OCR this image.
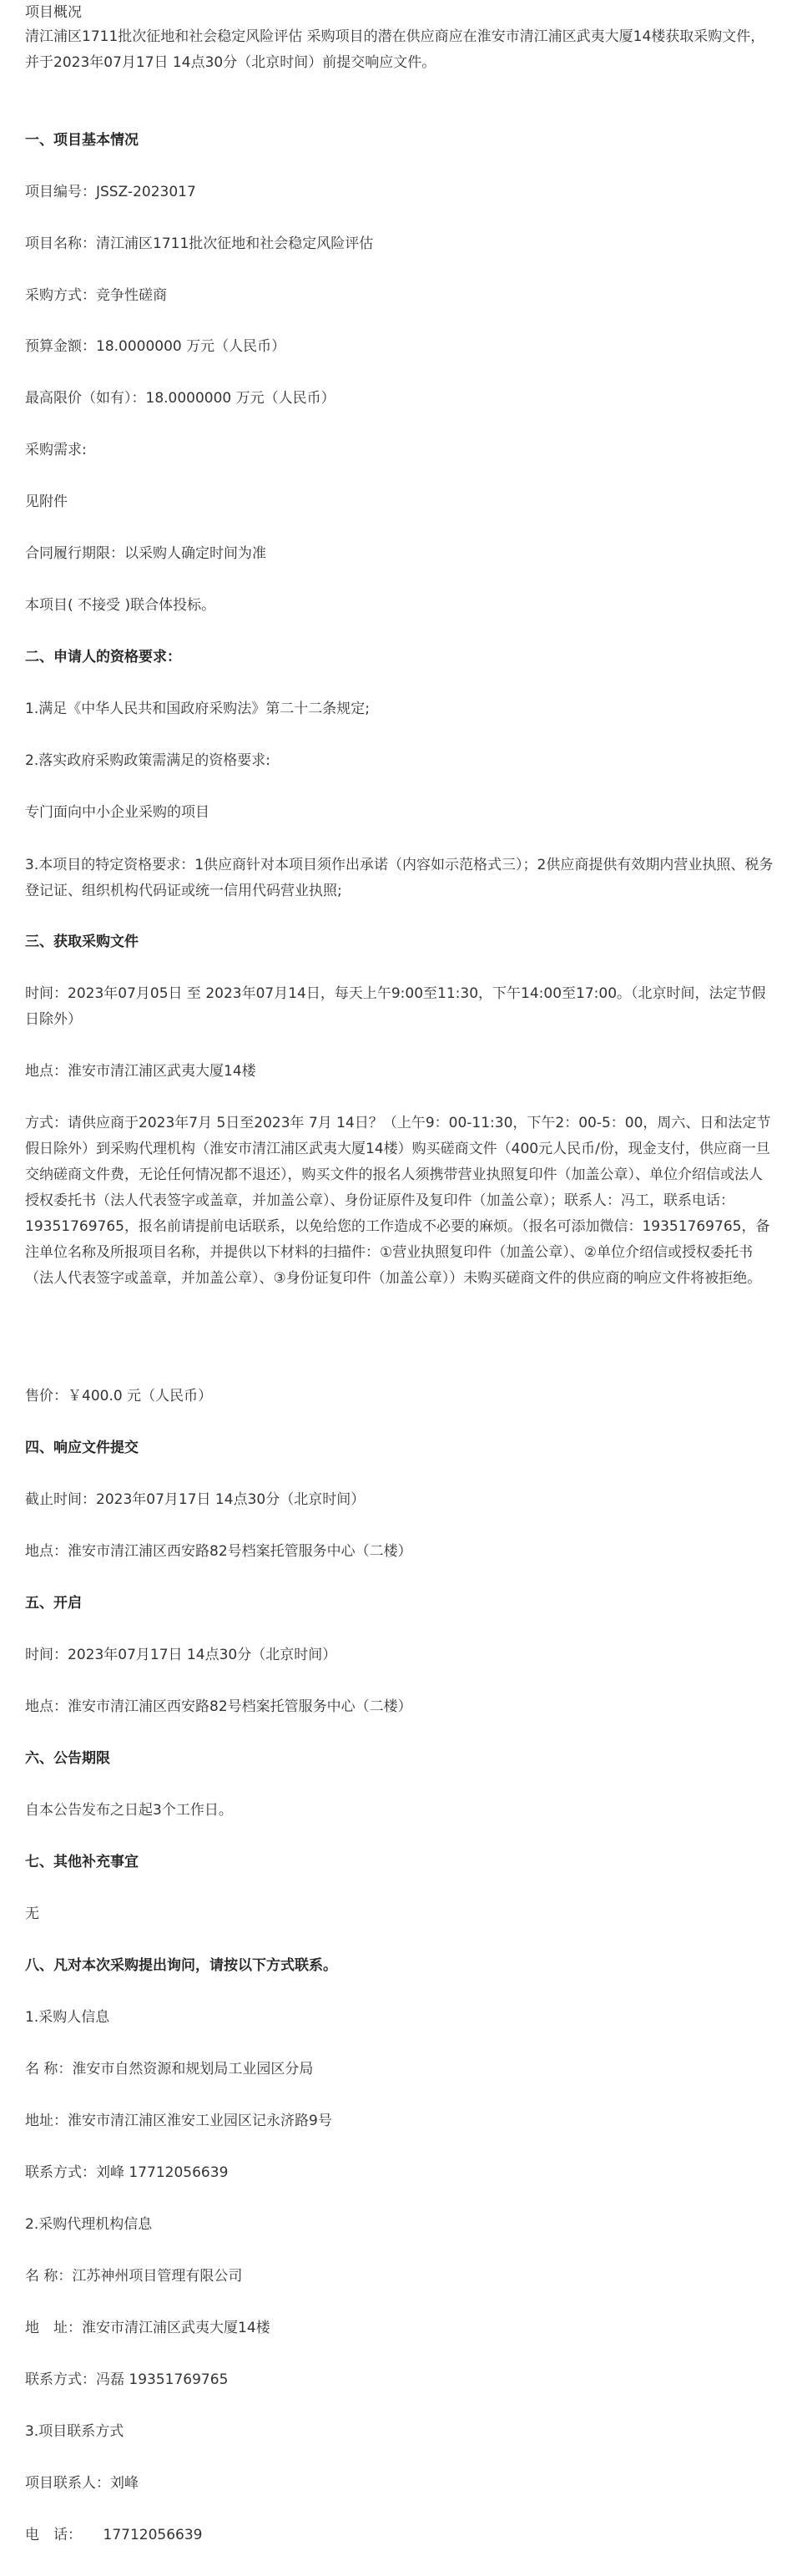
项目概况
清江浦区1711批次征地和社会稳定风险评估 采购项目的潜在供应商应在淮安市清江浦区武夷大厦14楼获取采购文件，并于2023年07月17日 14点30分（北京时间）前提交响应文件。
一、项目基本情况
项目编号：JSSZ-2023017
项目名称：清江浦区1711批次征地和社会稳定风险评估
采购方式：竞争性磋商
预算金额：18.0000000 万元（人民币）
最高限价（如有）：18.0000000 万元（人民币）
采购需求:
见附件
合同履行期限：以采购人确定时间为准
本项目( 不接受 )联合体投标。
二、申请人的资格要求：
1.满足《中华人民共和国政府采购法》第二十二条规定;
2.落实政府采购政策需满足的资格要求:
专门面向中小企业采购的项目
3.本项目的特定资格要求：1供应商针对本项目须作出承诺（内容如示范格式三）；2供应商提供有效期内营业执照、税务登记证、组织机构代码证或统一信用代码营业执照;
三、获取采购文件
时间：2023年07月05日 至 2023年07月14日，每天上午9:00至11:30，下午14:00至17:00。（北京时间，法定节假日除外）
地点：淮安市清江浦区武夷大厦14楼
方式：请供应商于2023年7月 5日至2023年 7月 14日？（上午9：00-11:30，下午2：00-5：00，周六、日和法定节假日除外）到采购代理机构（淮安市清江浦区武夷大厦14楼）购买磋商文件（400元人民币/份，现金支付，供应商一旦交纳磋商文件费，无论任何情况都不退还），购买文件的报名人须携带营业执照复印件（加盖公章）、单位介绍信或法人授权委托书（法人代表签字或盖章，并加盖公章）、身份证原件及复印件（加盖公章）；联系人：冯工，联系电话：19351769765，报名前请提前电话联系，以免给您的工作造成不必要的麻烦。（报名可添加微信：19351769765，备注单位名称及所报项目名称，并提供以下材料的扫描件：①营业执照复印件（加盖公章）、②单位介绍信或授权委托书（法人代表签字或盖章，并加盖公章）、③身份证复印件（加盖公章））未购买磋商文件的供应商的响应文件将被拒绝。
售价：￥400.0 元（人民币）
四、响应文件提交
截止时间：2023年07月17日 14点30分（北京时间）
地点：淮安市清江浦区西安路82号档案托管服务中心（二楼）
五、开启
时间：2023年07月17日 14点30分（北京时间）
地点：淮安市清江浦区西安路82号档案托管服务中心（二楼）
六、公告期限
自本公告发布之日起3个工作日。
七、其他补充事宜
无
八、凡对本次采购提出询问，请按以下方式联系。
1.采购人信息
名 称：淮安市自然资源和规划局工业园区分局
地址：淮安市清江浦区淮安工业园区记永济路9号
联系方式：刘峰 17712056639
2.采购代理机构信息
名 称：江苏神州项目管理有限公司
地　址：淮安市清江浦区武夷大厦14楼
联系方式：冯磊 19351769765
3.项目联系方式
项目联系人：刘峰
电　话：　　17712056639
